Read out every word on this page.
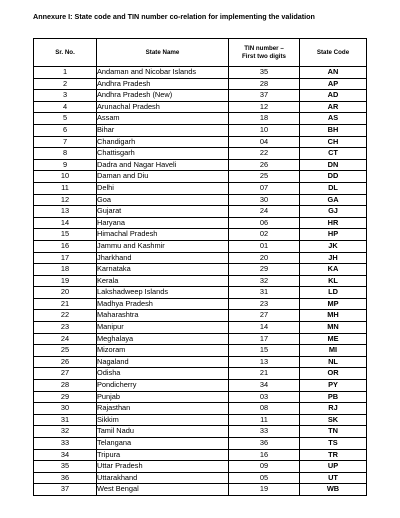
Annexure I: State code and TIN number co-relation for implementing the validation
Sr. No.	State Name	TIN number –
First two digits	State Code
1	Andaman and Nicobar Islands	35	AN
2	Andhra Pradesh	28	AP
3	Andhra Pradesh (New)	37	AD
4	Arunachal Pradesh	12	AR
5	Assam	18	AS
6	Bihar	10	BH
7	Chandigarh	04	CH
8	Chattisgarh	22	CT
9	Dadra and Nagar Haveli	26	DN
10	Daman and Diu	25	DD
11	Delhi	07	DL
12	Goa	30	GA
13	Gujarat	24	GJ
14	Haryana	06	HR
15	Himachal Pradesh	02	HP
16	Jammu and Kashmir	01	JK
17	Jharkhand	20	JH
18	Karnataka	29	KA
19	Kerala	32	KL
20	Lakshadweep Islands	31	LD
21	Madhya Pradesh	23	MP
22	Maharashtra	27	MH
23	Manipur	14	MN
24	Meghalaya	17	ME
25	Mizoram	15	MI
26	Nagaland	13	NL
27	Odisha	21	OR
28	Pondicherry	34	PY
29	Punjab	03	PB
30	Rajasthan	08	RJ
31	Sikkim	11	SK
32	Tamil Nadu	33	TN
33	Telangana	36	TS
34	Tripura	16	TR
35	Uttar Pradesh	09	UP
36	Uttarakhand	05	UT
37	West Bengal	19	WB
